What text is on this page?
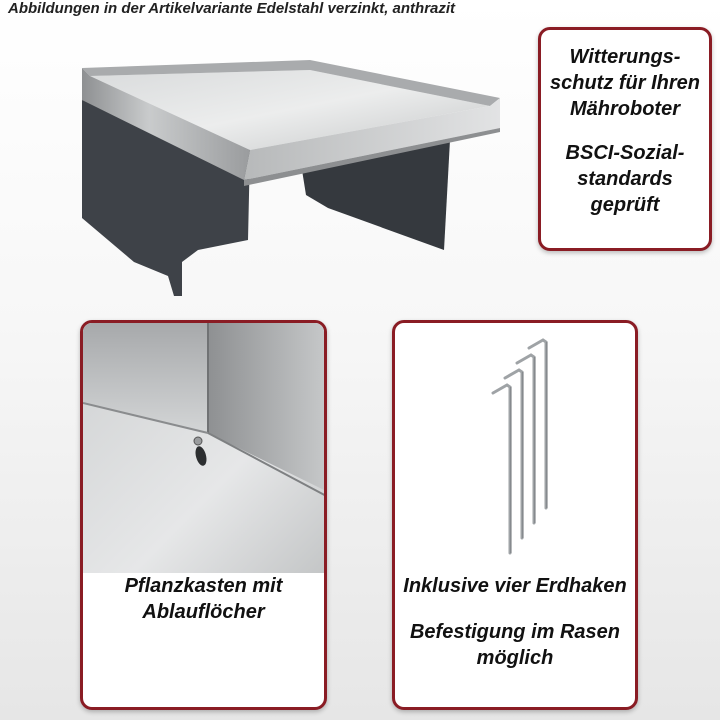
Abbildungen in der Artikelvariante Edelstahl verzinkt, anthrazit

Witterungs-

schutz für Ihren

Mähroboter

BSCI-Sozial-

standards

geprüft

Pflanzkasten mit

Ablauflöcher

Inklusive vier Erdhaken

Befestigung im Rasen

möglich
